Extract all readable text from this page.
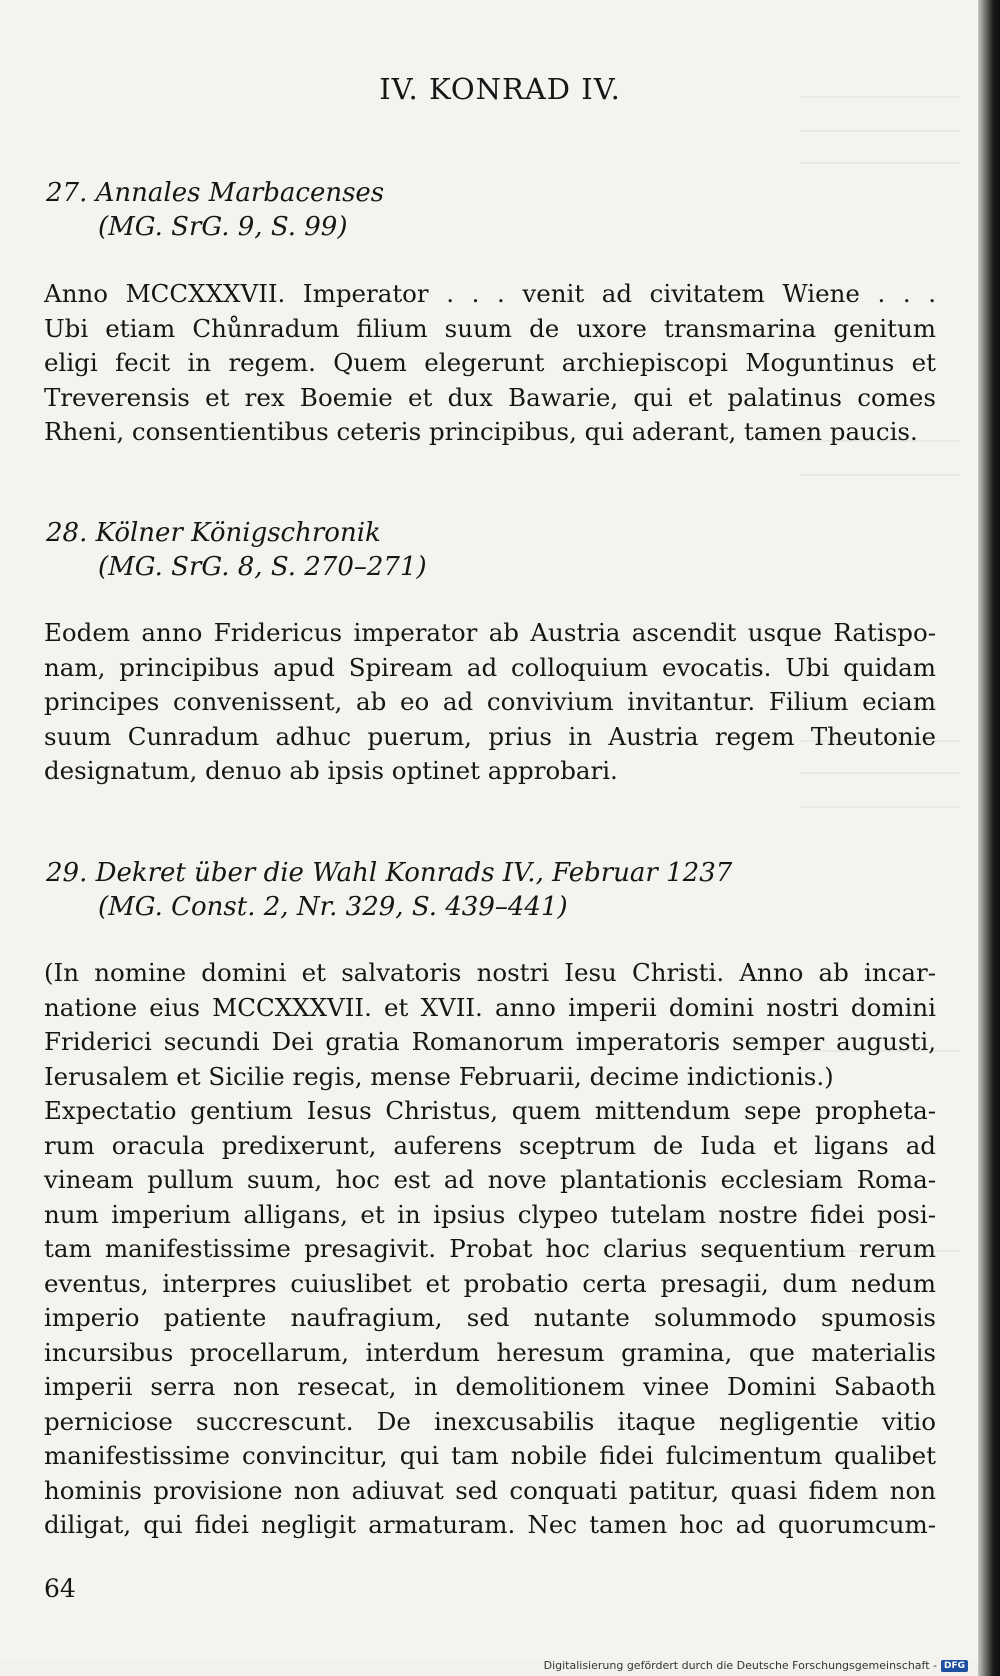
IV. KONRAD IV.
27. Annales Marbacenses
(MG. SrG. 9, S. 99)
Anno MCCXXXVII. Imperator . . . venit ad civitatem Wiene . . .
Ubi etiam Chůnradum filium suum de uxore transmarina genitum
eligi fecit in regem. Quem elegerunt archiepiscopi Moguntinus et
Treverensis et rex Boemie et dux Bawarie, qui et palatinus comes
Rheni, consentientibus ceteris principibus, qui aderant, tamen paucis.
28. Kölner Königschronik
(MG. SrG. 8, S. 270–271)
Eodem anno Fridericus imperator ab Austria ascendit usque Ratispo-
nam, principibus apud Spiream ad colloquium evocatis. Ubi quidam
principes convenissent, ab eo ad convivium invitantur. Filium eciam
suum Cunradum adhuc puerum, prius in Austria regem Theutonie
designatum, denuo ab ipsis optinet approbari.
29. Dekret über die Wahl Konrads IV., Februar 1237
(MG. Const. 2, Nr. 329, S. 439–441)
(In nomine domini et salvatoris nostri Iesu Christi. Anno ab incar-
natione eius MCCXXXVII. et XVII. anno imperii domini nostri domini
Friderici secundi Dei gratia Romanorum imperatoris semper augusti,
Ierusalem et Sicilie regis, mense Februarii, decime indictionis.)
Expectatio gentium Iesus Christus, quem mittendum sepe propheta-
rum oracula predixerunt, auferens sceptrum de Iuda et ligans ad
vineam pullum suum, hoc est ad nove plantationis ecclesiam Roma-
num imperium alligans, et in ipsius clypeo tutelam nostre fidei posi-
tam manifestissime presagivit. Probat hoc clarius sequentium rerum
eventus, interpres cuiuslibet et probatio certa presagii, dum nedum
imperio patiente naufragium, sed nutante solummodo spumosis
incursibus procellarum, interdum heresum gramina, que materialis
imperii serra non resecat, in demolitionem vinee Domini Sabaoth
perniciose succrescunt. De inexcusabilis itaque negligentie vitio
manifestissime convincitur, qui tam nobile fidei fulcimentum qualibet
hominis provisione non adiuvat sed conquati patitur, quasi fidem non
diligat, qui fidei negligit armaturam. Nec tamen hoc ad quorumcum-
64
Digitalisierung gefördert durch die Deutsche Forschungsgemeinschaft - DFG
